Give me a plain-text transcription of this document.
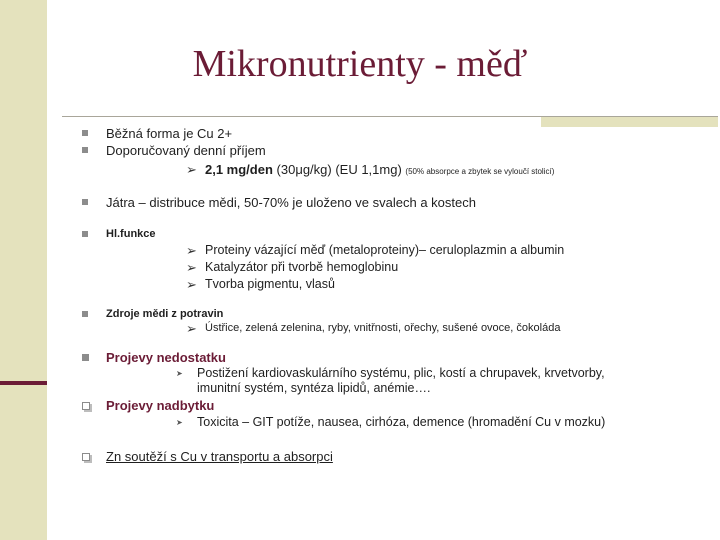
Mikronutrienty - měď
Běžná forma je Cu 2+
Doporučovaný denní příjem
➢ 2,1 mg/den (30μg/kg) (EU 1,1mg) (50% absorpce a zbytek se vyloučí stolicí)
Játra – distribuce mědi, 50-70% je uloženo ve svalech a kostech
Hl.funkce
➢ Proteiny vázající měď (metaloproteiny)– ceruloplazmin a albumin
➢ Katalyzátor při tvorbě hemoglobinu
➢ Tvorba pigmentu, vlasů
Zdroje mědi z potravin
➢ Ústřice, zelená zelenina, ryby, vnitřnosti, ořechy, sušené ovoce, čokoláda
Projevy nedostatku
➤ Postižení kardiovaskulárního systému, plic, kostí a chrupavek, krvetvorby,
imunitní systém, syntéza lipidů, anémie….
Projevy nadbytku
➤ Toxicita – GIT potíže, nausea, cirhóza, demence (hromadění Cu v mozku)
Zn soutěží s Cu v transportu a absorpci
